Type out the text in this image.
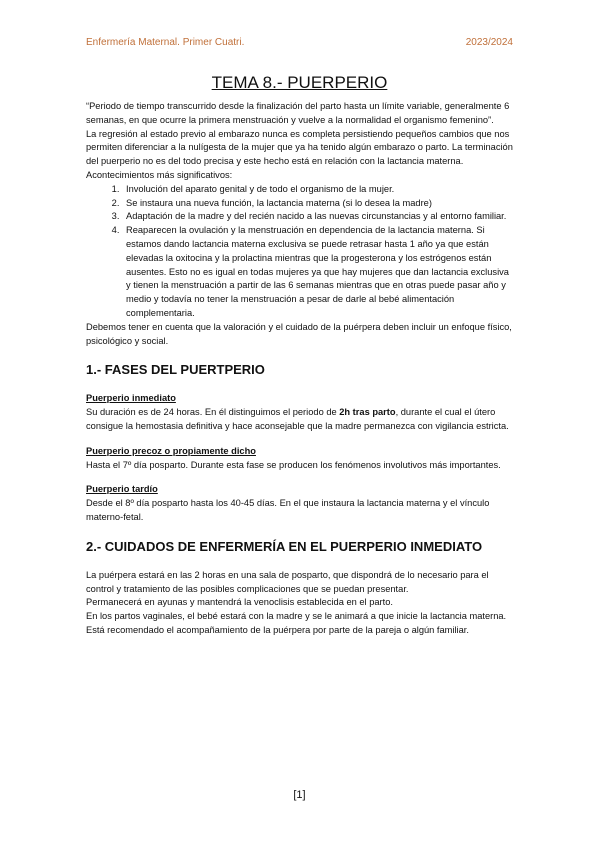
Enfermería Maternal. Primer Cuatri.	2023/2024
TEMA 8.- PUERPERIO

“Periodo de tiempo transcurrido desde la finalización del parto hasta un límite variable, generalmente 6 semanas, en que ocurre la primera menstruación y vuelve a la normalidad el organismo femenino”.

La regresión al estado previo al embarazo nunca es completa persistiendo pequeños cambios que nos permiten diferenciar a la nulígesta de la mujer que ya ha tenido algún embarazo o parto. La terminación del puerperio no es del todo precisa y este hecho está en relación con la lactancia materna.

Acontecimientos más significativos:

1. Involución del aparato genital y de todo el organismo de la mujer.
2. Se instaura una nueva función, la lactancia materna (si lo desea la madre)
3. Adaptación de la madre y del recién nacido a las nuevas circunstancias y al entorno familiar.
4. Reaparecen la ovulación y la menstruación en dependencia de la lactancia materna. Si estamos dando lactancia materna exclusiva se puede retrasar hasta 1 año ya que están elevadas la oxitocina y la prolactina mientras que la progesterona y los estrógenos están ausentes. Esto no es igual en todas mujeres ya que hay mujeres que dan lactancia exclusiva y tienen la menstruación a partir de las 6 semanas mientras que en otras puede pasar año y medio y todavía no tener la menstruación a pesar de darle al bebé alimentación complementaria.

Debemos tener en cuenta que la valoración y el cuidado de la puérpera deben incluir un enfoque físico, psicológico y social.

1.- FASES DEL PUERTPERIO
Puerperio inmediato

Su duración es de 24 horas. En él distinguimos el periodo de 2h tras parto, durante el cual el útero consigue la hemostasia definitiva y hace aconsejable que la madre permanezca con vigilancia estricta.

Puerperio precoz o propiamente dicho

Hasta el 7º día posparto. Durante esta fase se producen los fenómenos involutivos más importantes.

Puerperio tardío

Desde el 8º día posparto hasta los 40-45 días. En el que instaura la lactancia materna y el vínculo materno-fetal.

2.- CUIDADOS DE ENFERMERÍA EN EL PUERPERIO INMEDIATO

La puérpera estará en las 2 horas en una sala de posparto, que dispondrá de lo necesario para el control y tratamiento de las posibles complicaciones que se puedan presentar.

Permanecerá en ayunas y mantendrá la venoclisis establecida en el parto.

En los partos vaginales, el bebé estará con la madre y se le animará a que inicie la lactancia materna.

Está recomendado el acompañamiento de la puérpera por parte de la pareja o algún familiar.

[1]
